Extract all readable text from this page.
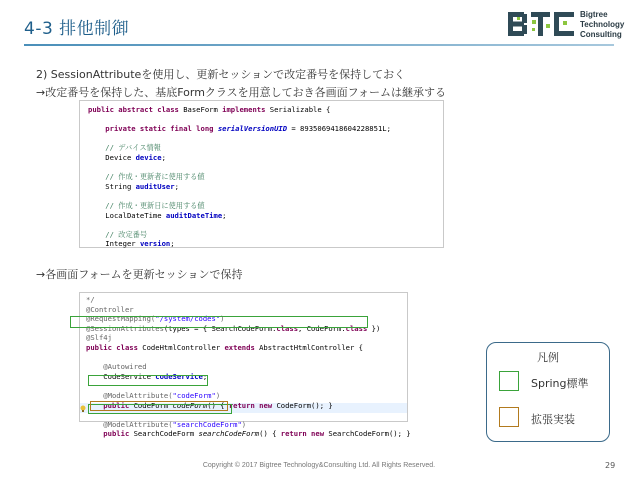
4-3 排他制御
Bigtree
Technology
Consulting
2) SessionAttributeを使用し、更新セッションで改定番号を保持しておく
→改定番号を保持した、基底Formクラスを用意しておき各画面フォームは継承する
public abstract class BaseForm implements Serializable {

private static final long serialVersionUID = 8935069418604228851L;

// デバイス情報
Device device;

// 作成・更新者に使用する値
String auditUser;

// 作成・更新日に使用する値
LocalDateTime auditDateTime;

// 改定番号
Integer version;
→各画面フォームを更新セッションで保持
*/
@Controller
@RequestMapping("/system/codes")
@SessionAttributes(types = { SearchCodeForm.class, CodeForm.class })
@Slf4j
public class CodeHtmlController extends AbstractHtmlController {

@Autowired
CodeService codeService;

@ModelAttribute("codeForm")
public CodeForm codeForm() { return new CodeForm(); }

@ModelAttribute("searchCodeForm")
public SearchCodeForm searchCodeForm() { return new SearchCodeForm(); }
凡例
Spring標準
拡張実装
Copyright © 2017 Bigtree Technology&Consulting Ltd. All Rights Reserved.	29
